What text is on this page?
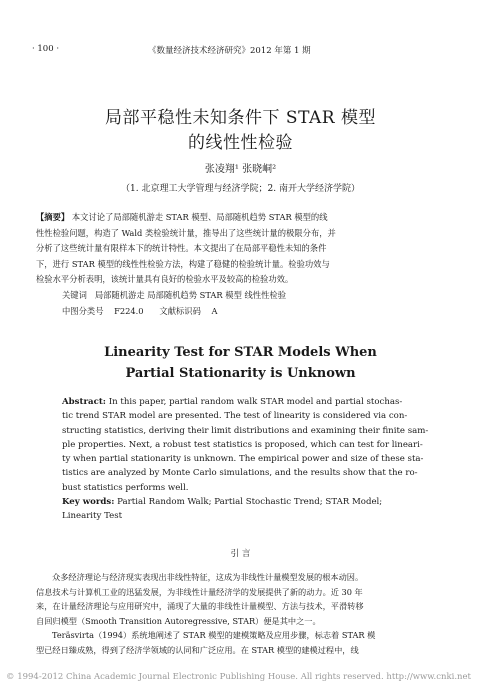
· 100 ·	《数量经济技术经济研究》2012 年第 1 期
局部平稳性未知条件下 STAR 模型
的线性性检验
张凌翔¹ 张晓峒²
（1. 北京理工大学管理与经济学院；2. 南开大学经济学院）
【摘要】 本文讨论了局部随机游走 STAR 模型、局部随机趋势 STAR 模型的线
性性检验问题，构造了 Wald 类检验统计量，推导出了这些统计量的极限分布，并
分析了这些统计量有限样本下的统计特性。本文提出了在局部平稳性未知的条件
下，进行 STAR 模型的线性性检验方法，构建了稳健的检验统计量。检验功效与
检验水平分析表明，该统计量具有良好的检验水平及较高的检验功效。
关键词 局部随机游走 局部随机趋势 STAR 模型 线性性检验
中图分类号 F224.0 文献标识码 A
Linearity Test for STAR Models When
Partial Stationarity is Unknown
Abstract: In this paper, partial random walk STAR model and partial stochas-
tic trend STAR model are presented. The test of linearity is considered via con-
structing statistics, deriving their limit distributions and examining their finite sam-
ple properties. Next, a robust test statistics is proposed, which can test for lineari-
ty when partial stationarity is unknown. The empirical power and size of these sta-
tistics are analyzed by Monte Carlo simulations, and the results show that the ro-
bust statistics performs well.
Key words: Partial Random Walk; Partial Stochastic Trend; STAR Model;
Linearity Test
引 言
众多经济理论与经济现实表现出非线性特征，这成为非线性计量模型发展的根本动因。
信息技术与计算机工业的迅猛发展，为非线性计量经济学的发展提供了新的动力。近 30 年
来，在计量经济理论与应用研究中，涌现了大量的非线性计量模型、方法与技术，平滑转移
自回归模型（Smooth Transition Autoregressive, STAR）便是其中之一。
Teräsvirta（1994）系统地阐述了 STAR 模型的建模策略及应用步骤，标志着 STAR 模
型已经日臻成熟，得到了经济学领域的认同和广泛应用。在 STAR 模型的建模过程中，线
© 1994-2012 China Academic Journal Electronic Publishing House. All rights reserved. http://www.cnki.net
